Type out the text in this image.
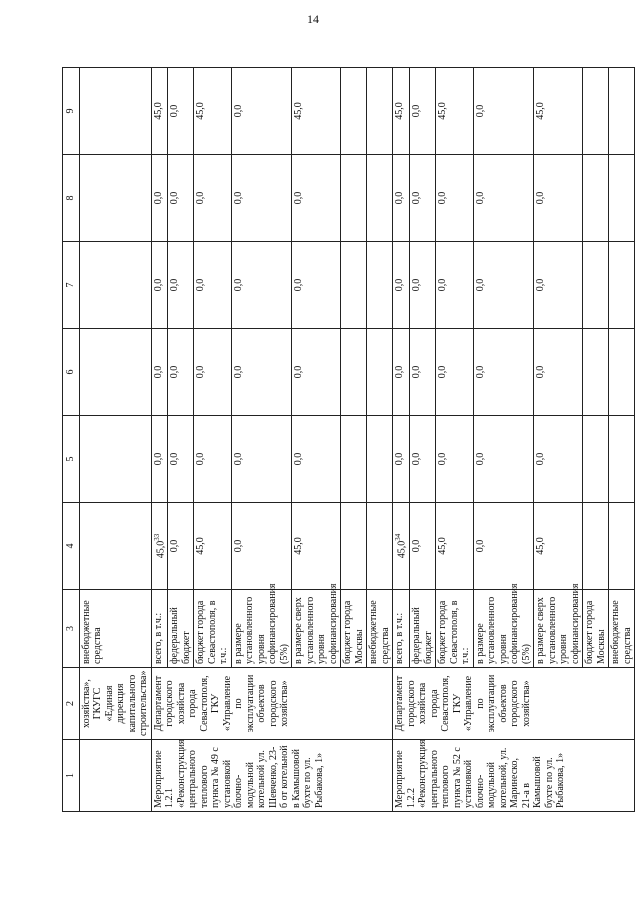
14
1	2	3	4	5	6	7	8	9
	хозяйства», ГКУГС «Единая дирекция капитального строительства»	внебюджетные средства						
Мероприятие 1.2.1 «Реконструкция центрального теплового пункта № 49 с установкой блочно-модульной котельной ул. Шевченко, 23-б от котельной в Камышовой бухте по ул. Рыбакова, 1»	Департамент городского хозяйства города Севастополя, ГКУ «Управление по эксплуатации объектов городского хозяйства»	всего, в т.ч.:	45,0$^{33}$	0,0	0,0	0,0	0,0	45,0
		федеральный бюджет	0,0	0,0	0,0	0,0	0,0	0,0
		бюджет города Севастополя, в т.ч.:	45,0	0,0	0,0	0,0	0,0	45,0
		в размере установленного уровня софинансирования (5%)	0,0	0,0	0,0	0,0	0,0	0,0
		в размере сверх установленного уровня софинансирования	45,0	0,0	0,0	0,0	0,0	45,0
		бюджет города Москвы						
		внебюджетные средства						
Мероприятие 1.2.2 «Реконструкция центрального теплового пункта № 52 с установкой блочно-модульной котельной, ул. Маринеско, 21-а в Камышовой бухте по ул. Рыбакова, 1»	Департамент городского хозяйства города Севастополя, ГКУ «Управление по эксплуатации объектов городского хозяйства»	всего, в т.ч.:	45,0$^{34}$	0,0	0,0	0,0	0,0	45,0
		федеральный бюджет	0,0	0,0	0,0	0,0	0,0	0,0
		бюджет города Севастополя, в т.ч.:	45,0	0,0	0,0	0,0	0,0	45,0
		в размере установленного уровня софинансирования (5%)	0,0	0,0	0,0	0,0	0,0	0,0
		в размере сверх установленного уровня софинансирования	45,0	0,0	0,0	0,0	0,0	45,0
		бюджет города Москвы						
		внебюджетные средства						
